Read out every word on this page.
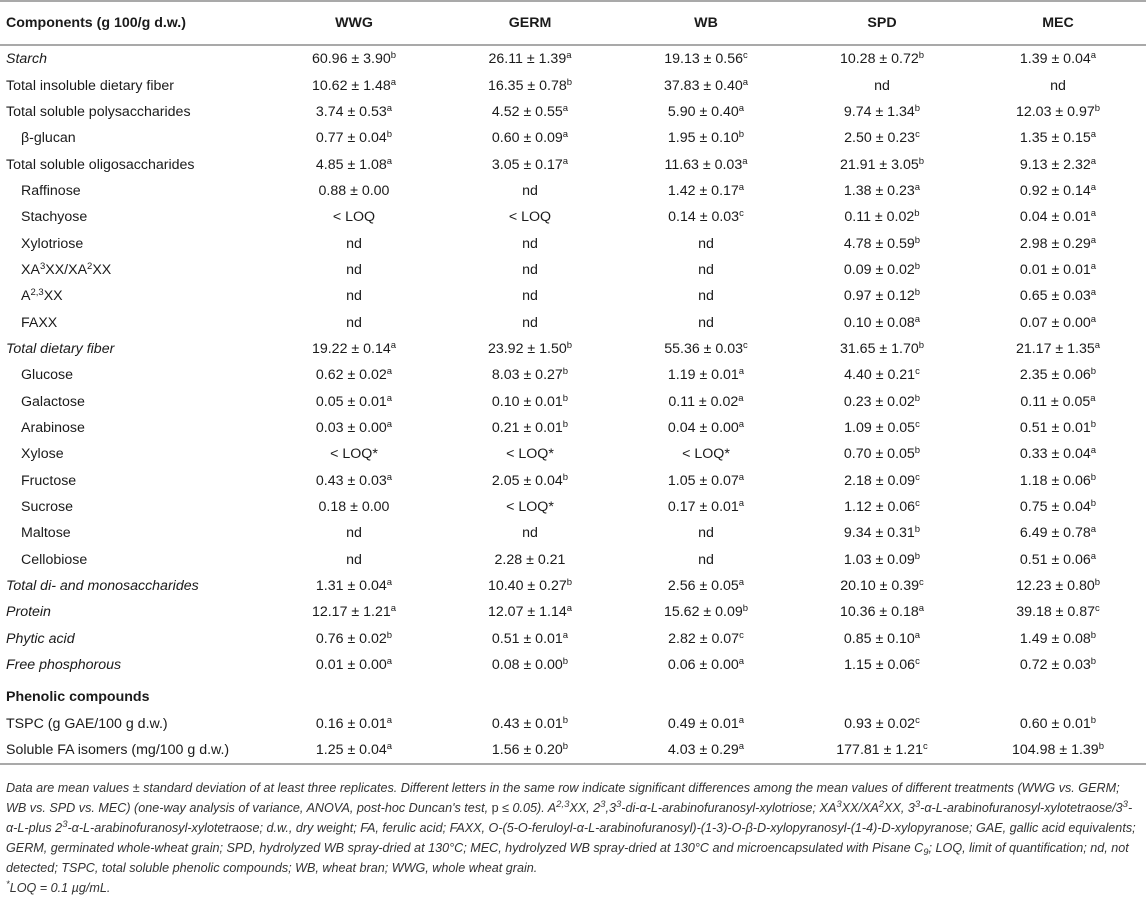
Components (g 100/g d.w.)	WWG	GERM	WB	SPD	MEC
Starch	60.96 ± 3.90$^b$	26.11 ± 1.39$^a$	19.13 ± 0.56$^c$	10.28 ± 0.72$^b$	1.39 ± 0.04$^a$
Total insoluble dietary fiber	10.62 ± 1.48$^a$	16.35 ± 0.78$^b$	37.83 ± 0.40$^a$	nd	nd
Total soluble polysaccharides	3.74 ± 0.53$^a$	4.52 ± 0.55$^a$	5.90 ± 0.40$^a$	9.74 ± 1.34$^b$	12.03 ± 0.97$^b$
β-glucan	0.77 ± 0.04$^b$	0.60 ± 0.09$^a$	1.95 ± 0.10$^b$	2.50 ± 0.23$^c$	1.35 ± 0.15$^a$
Total soluble oligosaccharides	4.85 ± 1.08$^a$	3.05 ± 0.17$^a$	11.63 ± 0.03$^a$	21.91 ± 3.05$^b$	9.13 ± 2.32$^a$
Raffinose	0.88 ± 0.00	nd	1.42 ± 0.17$^a$	1.38 ± 0.23$^a$	0.92 ± 0.14$^a$
Stachyose	< LOQ	< LOQ	0.14 ± 0.03$^c$	0.11 ± 0.02$^b$	0.04 ± 0.01$^a$
Xylotriose	nd	nd	nd	4.78 ± 0.59$^b$	2.98 ± 0.29$^a$
$XA^3XX/XA^2XX$	nd	nd	nd	0.09 ± 0.02$^b$	0.01 ± 0.01$^a$
A$^{2,3}$XX	nd	nd	nd	0.97 ± 0.12$^b$	0.65 ± 0.03$^a$
FAXX	nd	nd	nd	0.10 ± 0.08$^a$	0.07 ± 0.00$^a$
Total dietary fiber	19.22 ± 0.14$^a$	23.92 ± 1.50$^b$	55.36 ± 0.03$^c$	31.65 ± 1.70$^b$	21.17 ± 1.35$^a$
Glucose	0.62 ± 0.02$^a$	8.03 ± 0.27$^b$	1.19 ± 0.01$^a$	4.40 ± 0.21$^c$	2.35 ± 0.06$^b$
Galactose	0.05 ± 0.01$^a$	0.10 ± 0.01$^b$	0.11 ± 0.02$^a$	0.23 ± 0.02$^b$	0.11 ± 0.05$^a$
Arabinose	0.03 ± 0.00$^a$	0.21 ± 0.01$^b$	0.04 ± 0.00$^a$	1.09 ± 0.05$^c$	0.51 ± 0.01$^b$
Xylose	< LOQ*	< LOQ*	< LOQ*	0.70 ± 0.05$^b$	0.33 ± 0.04$^a$
Fructose	0.43 ± 0.03$^a$	2.05 ± 0.04$^b$	1.05 ± 0.07$^a$	2.18 ± 0.09$^c$	1.18 ± 0.06$^b$
Sucrose	0.18 ± 0.00	< LOQ*	0.17 ± 0.01$^a$	1.12 ± 0.06$^c$	0.75 ± 0.04$^b$
Maltose	nd	nd	nd	9.34 ± 0.31$^b$	6.49 ± 0.78$^a$
Cellobiose	nd	2.28 ± 0.21	nd	1.03 ± 0.09$^b$	0.51 ± 0.06$^a$
Total di- and monosaccharides	1.31 ± 0.04$^a$	10.40 ± 0.27$^b$	2.56 ± 0.05$^a$	20.10 ± 0.39$^c$	12.23 ± 0.80$^b$
Protein	12.17 ± 1.21$^a$	12.07 ± 1.14$^a$	15.62 ± 0.09$^b$	10.36 ± 0.18$^a$	39.18 ± 0.87$^c$
Phytic acid	0.76 ± 0.02$^b$	0.51 ± 0.01$^a$	2.82 ± 0.07$^c$	0.85 ± 0.10$^a$	1.49 ± 0.08$^b$
Free phosphorous	0.01 ± 0.00$^a$	0.08 ± 0.00$^b$	0.06 ± 0.00$^a$	1.15 ± 0.06$^c$	0.72 ± 0.03$^b$
Phenolic compounds					
TSPC (g GAE/100 g d.w.)	0.16 ± 0.01$^a$	0.43 ± 0.01$^b$	0.49 ± 0.01$^a$	0.93 ± 0.02$^c$	0.60 ± 0.01$^b$
Soluble FA isomers (mg/100 g d.w.)	1.25 ± 0.04$^a$	1.56 ± 0.20$^b$	4.03 ± 0.29$^a$	177.81 ± 1.21$^c$	104.98 ± 1.39$^b$
Data are mean values ± standard deviation of at least three replicates. Different letters in the same row indicate significant differences among the mean values of different treatments (WWG vs. GERM; WB vs. SPD vs. MEC) (one-way analysis of variance, ANOVA, post-hoc Duncan's test, p ≤ 0.05). A$^{2,3}$XX, $2^3,3^3-di-\alpha-L-arabinofuranosyl$-xylotriose; $XA^3XX/XA^2XX$, $3^3-\alpha-L-arabinofuranosyl-xylotetraose/3^3-\alpha-L$-plus $2^3-\alpha-L-arabinofuranosyl$-xylotetraose; d.w., dry weight; FA, ferulic acid; FAXX, O-(5-O-feruloyl-α-L-arabinofuranosyl)-(1-3)-O-β-D-xylopyranosyl-(1-4)-D-xylopyranose; GAE, gallic acid equivalents; GERM, germinated whole-wheat grain; SPD, hydrolyzed WB spray-dried at 130°C; MEC, hydrolyzed WB spray-dried at 130°C and microencapsulated with Pisane $C_9$; LOQ, limit of quantification; nd, not detected; TSPC, total soluble phenolic compounds; WB, wheat bran; WWG, whole wheat grain.
*LOQ = 0.1 µg/mL.
